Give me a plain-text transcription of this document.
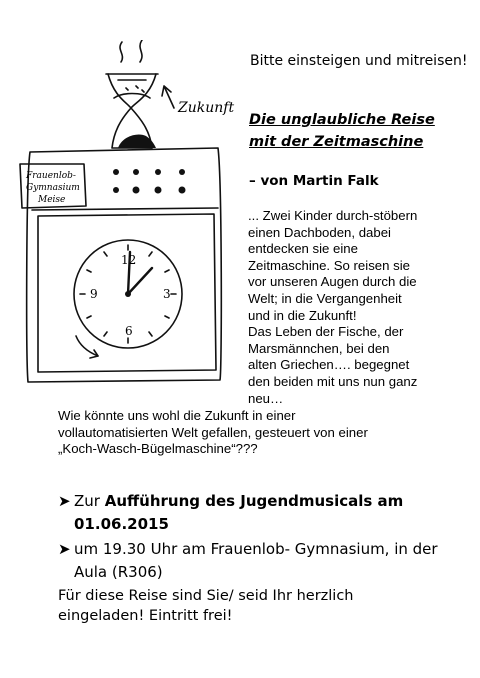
12
3
6
9
Zukunft
Frauenlob-
Gymnasium
Meise
Bitte einsteigen und mitreisen!
Die unglaubliche Reise
mit der Zeitmaschine
– von Martin Falk

... Zwei Kinder durch-stöbern

einen Dachboden, dabei

entdecken sie eine

Zeitmaschine. So reisen sie

vor unseren Augen durch die

Welt; in die Vergangenheit

und in die Zukunft!

Das Leben der Fische, der

Marsmännchen, bei den

alten Griechen…. begegnet

den beiden mit uns nun ganz

neu…

Wie könnte uns wohl die Zukunft in einer

vollautomatisierten Welt gefallen, gesteuert von einer

„Koch-Wasch-Bügelmaschine“???

➤ Zur Aufführung des Jugendmusicals am
01.06.2015
➤ um 19.30 Uhr am Frauenlob- Gymnasium, in der
Aula (R306)
Für diese Reise sind Sie/ seid Ihr herzlich
eingeladen! Eintritt frei!
